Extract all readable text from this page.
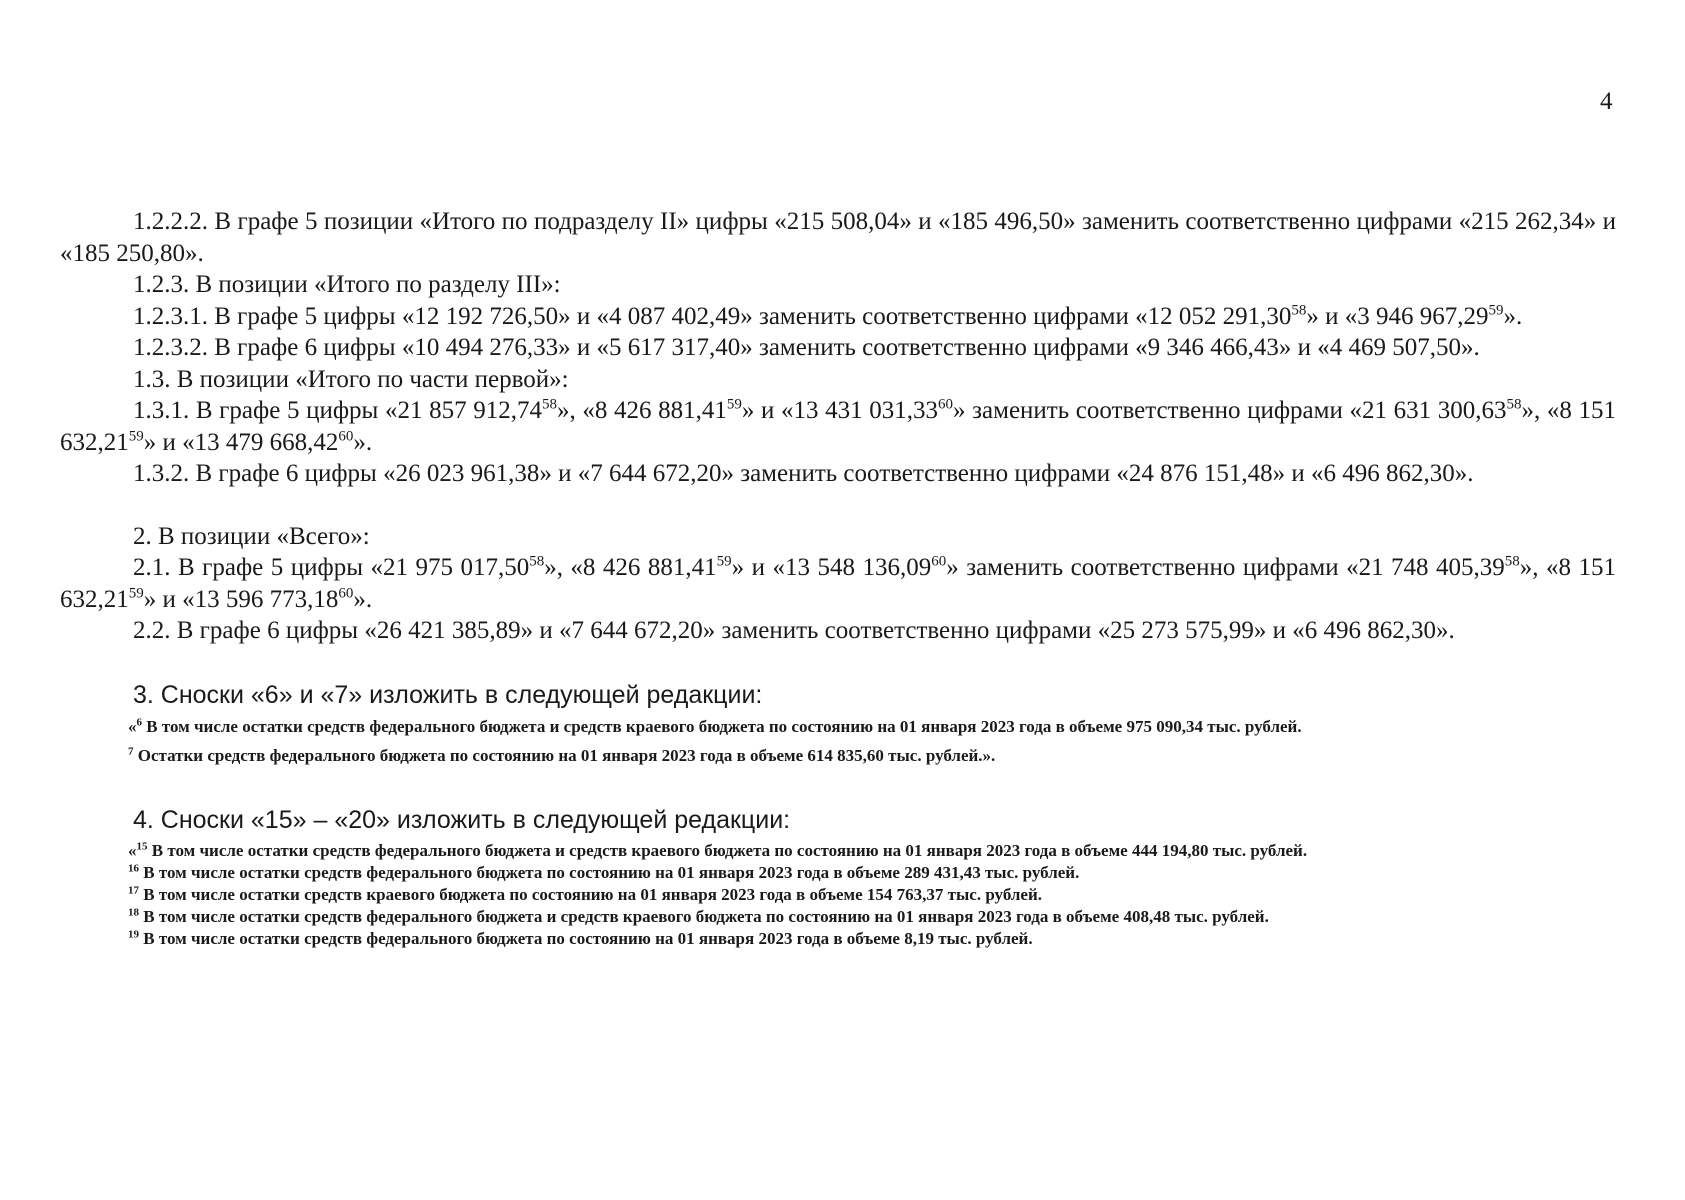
4

1.2.2.2. В графе 5 позиции «Итого по подразделу II» цифры «215 508,04» и «185 496,50» заменить соответственно цифрами «215 262,34» и «185 250,80».

1.2.3. В позиции «Итого по разделу III»:

1.2.3.1. В графе 5 цифры «12 192 726,50» и «4 087 402,49» заменить соответственно цифрами «12 052 291,30$^{58}$» и «3 946 967,29$^{59}$».

1.2.3.2. В графе 6 цифры «10 494 276,33» и «5 617 317,40» заменить соответственно цифрами «9 346 466,43» и «4 469 507,50».

1.3. В позиции «Итого по части первой»:

1.3.1. В графе 5 цифры «21 857 912,74$^{58}$», «8 426 881,41$^{59}$» и «13 431 031,33$^{60}$» заменить соответственно цифрами «21 631 300,63$^{58}$», «8 151 632,21$^{59}$» и «13 479 668,42$^{60}$».

1.3.2. В графе 6 цифры «26 023 961,38» и «7 644 672,20» заменить соответственно цифрами «24 876 151,48» и «6 496 862,30».

2. В позиции «Всего»:

2.1. В графе 5 цифры «21 975 017,50$^{58}$», «8 426 881,41$^{59}$» и «13 548 136,09$^{60}$» заменить соответственно цифрами «21 748 405,39$^{58}$», «8 151 632,21$^{59}$» и «13 596 773,18$^{60}$».

2.2. В графе 6 цифры «26 421 385,89» и «7 644 672,20» заменить соответственно цифрами «25 273 575,99» и «6 496 862,30».

3. Сноски «6» и «7» изложить в следующей редакции:

«$^6$ В том числе остатки средств федерального бюджета и средств краевого бюджета по состоянию на 01 января 2023 года в объеме 975 090,34 тыс. рублей.
$^7$ Остатки средств федерального бюджета по состоянию на 01 января 2023 года в объеме 614 835,60 тыс. рублей.».

4. Сноски «15» – «20» изложить в следующей редакции:

«$^{15}$ В том числе остатки средств федерального бюджета и средств краевого бюджета по состоянию на 01 января 2023 года в объеме 444 194,80 тыс. рублей.
$^{16}$ В том числе остатки средств федерального бюджета по состоянию на 01 января 2023 года в объеме 289 431,43 тыс. рублей.
$^{17}$ В том числе остатки средств краевого бюджета по состоянию на 01 января 2023 года в объеме 154 763,37 тыс. рублей.
$^{18}$ В том числе остатки средств федерального бюджета и средств краевого бюджета по состоянию на 01 января 2023 года в объеме 408,48 тыс. рублей.
$^{19}$ В том числе остатки средств федерального бюджета по состоянию на 01 января 2023 года в объеме 8,19 тыс. рублей.
